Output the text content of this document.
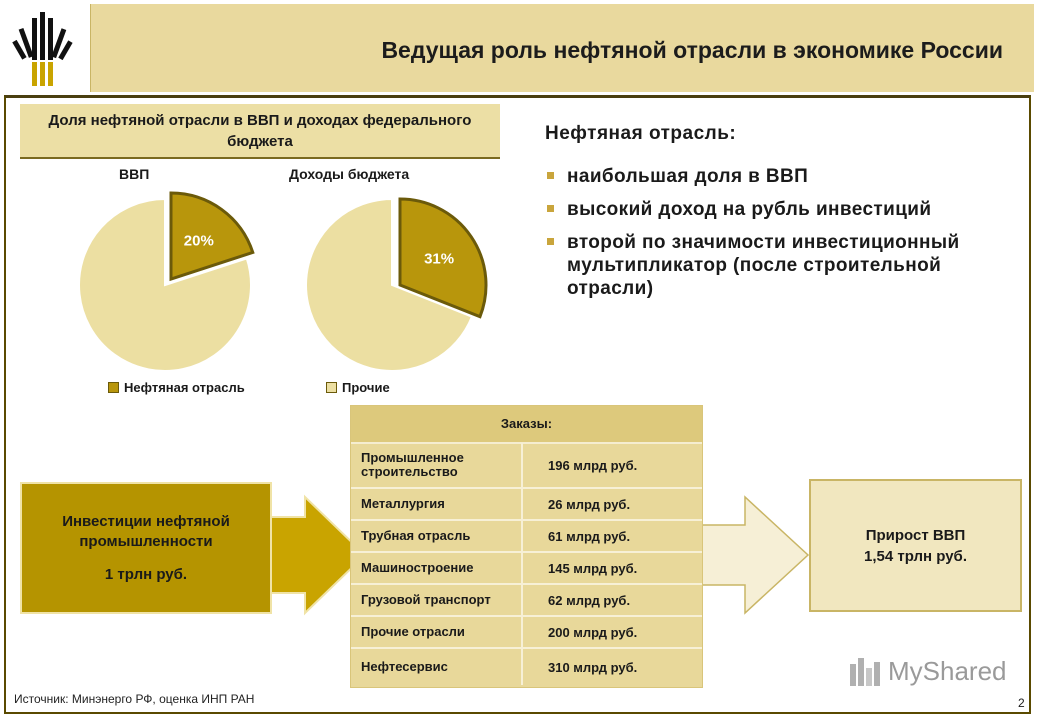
Ведущая роль нефтяной отрасли в экономике России
Доля нефтяной отрасли в ВВП и доходах федерального бюджета
ВВП	Доходы бюджета
20%
31%
Нефтяная отрасль	Прочие
Нефтяная отрасль:
наибольшая доля в ВВП
высокий доход на рубль инвестиций
второй по значимости инвестиционный мультипликатор (после строительной отрасли)
Инвестиции нефтяной промышленности
1 трлн руб.
Заказы:
Промышленное строительство	196 млрд руб.
Металлургия	26 млрд руб.
Трубная отрасль	61 млрд руб.
Машиностроение	145 млрд руб.
Грузовой транспорт	62 млрд руб.
Прочие отрасли	200 млрд руб.
Нефтесервис	310 млрд руб.
Прирост ВВП
1,54 трлн руб.
Источник: Минэнерго РФ, оценка ИНП РАН	2
MyShared
